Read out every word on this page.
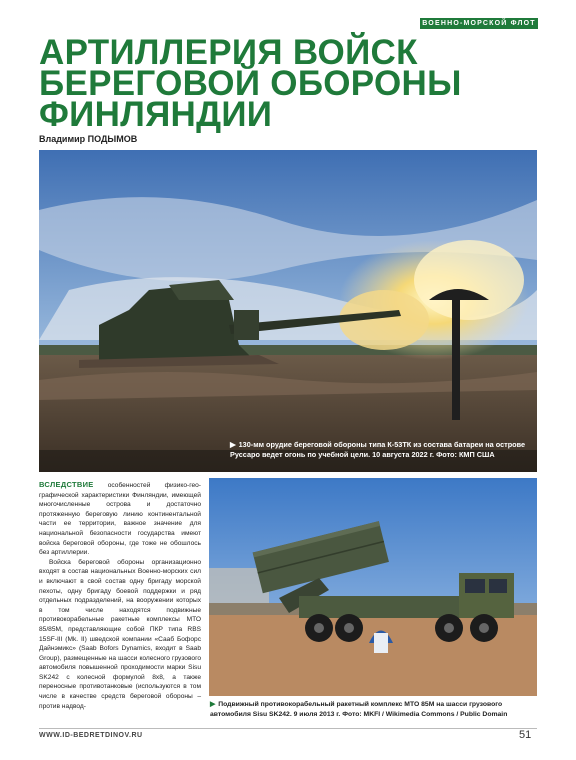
ВОЕННО-МОРСКОЙ ФЛОТ
АРТИЛЛЕРИЯ ВОЙСК БЕРЕГОВОЙ ОБОРОНЫ ФИНЛЯНДИИ
Владимир ПОДЫМОВ
▶ 130-мм орудие береговой обороны типа К-53ТК из состава батареи на острове Руссаро ведет огонь по учебной цели. 10 августа 2022 г. Фото: КМП США

ВСЛЕДСТВИЕ особенностей физико-географической характеристики Финляндии, имеющей многочисленные острова и достаточно протяженную береговую линию континентальной части ее территории, важное значение для национальной безопасности государства имеют войска береговой обороны, где тоже не обошлось без артиллерии.

Войска береговой обороны организационно входят в состав национальных Военно-морских сил и включают в свой состав одну бригаду морской пехоты, одну бригаду боевой поддержки и ряд отдельных подразделений, на вооружении которых в том числе находятся подвижные противокорабельные ракетные комплексы МТО 85/85М, представляющие собой ПКР типа RBS 15SF-III (Mk. II) шведской компании «Сааб Бофорс Дайнэмикс» (Saab Bofors Dynamics, входит в Saab Group), размещенные на шасси колесного грузового автомобиля повышенной проходимости марки Sisu SK242 с колесной формулой 8х8, а также переносные противотанковые (используются в том числе в качестве средств береговой обороны – против надвод-	▶ Подвижный противокорабельный ракетный комплекс МТО 85М на шасси грузового автомобиля Sisu SK242. 9 июля 2013 г. Фото: MKFI / Wikimedia Commons / Public Domain
WWW.ID-BEDRETDINOV.RU	51
